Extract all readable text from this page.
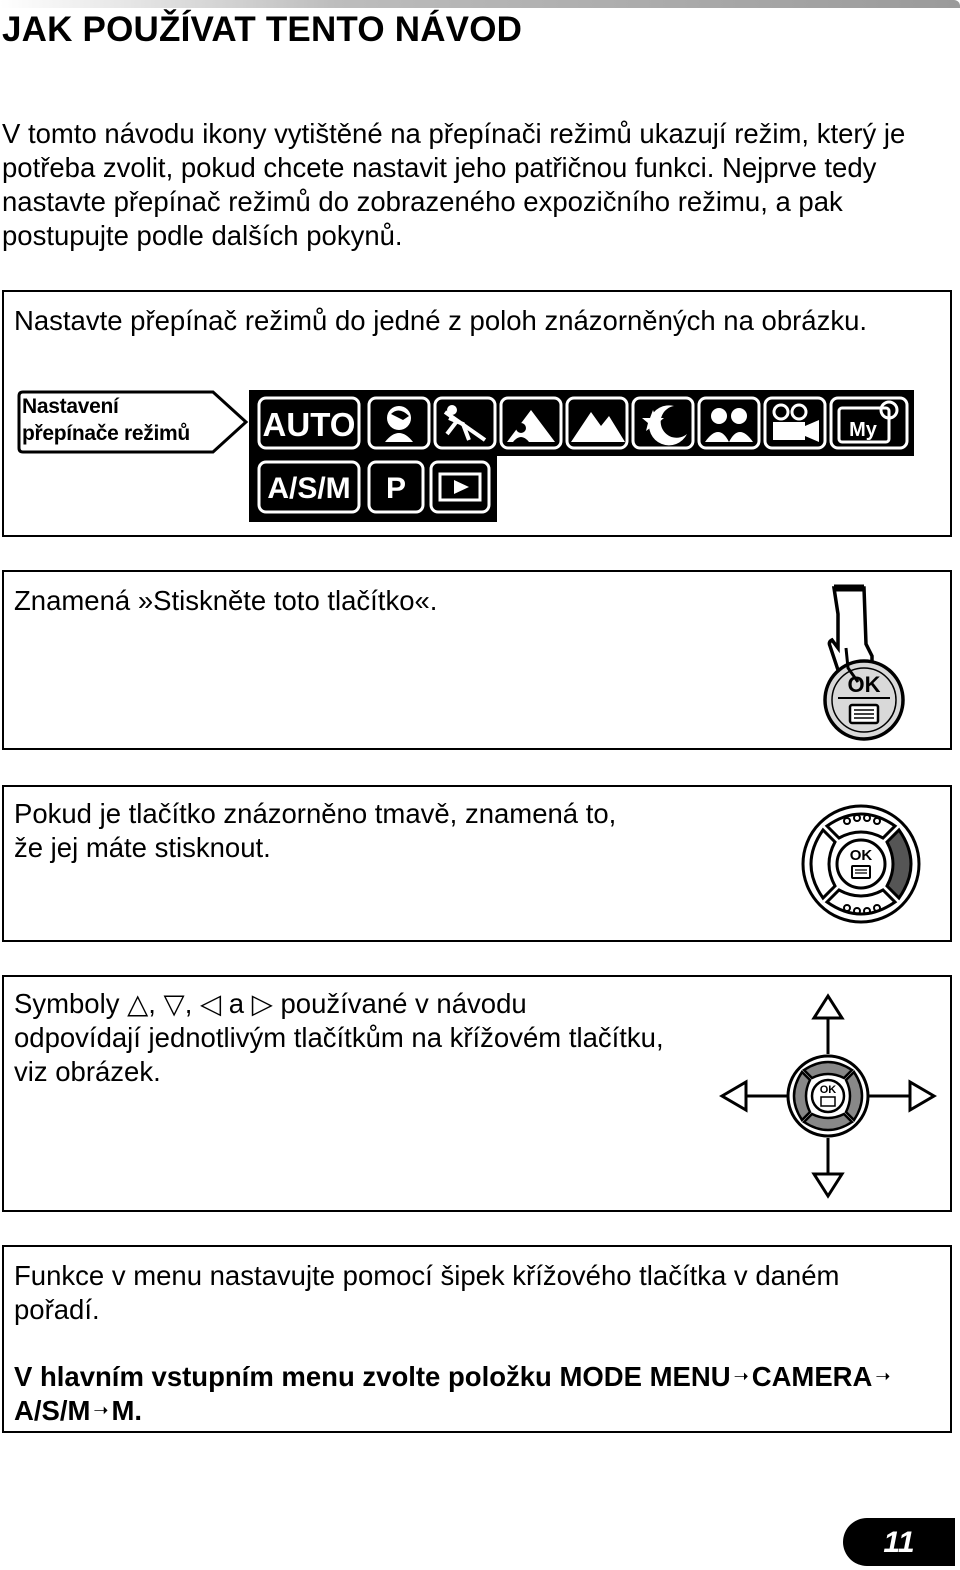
JAK POUŽÍVAT TENTO NÁVOD

V tomto návodu ikony vytištěné na přepínači režimů ukazují režim, který je potřeba zvolit, pokud chcete nastavit jeho patřičnou funkci. Nejprve tedy nastavte přepínač režimů do zobrazeného expozičního režimu, a pak postupujte podle dalších pokynů.

Nastavte přepínač režimů do jedné z poloh znázorněných na obrázku.

Nastavení
přepínače režimů AUTO	My
A/S/M P

Znamená »Stiskněte toto tlačítko«.

OK

Pokud je tlačítko znázorněno tmavě, znamená to,

že jej máte stisknout.	OK

Symboly △, ▽, ◁ a ▷ používané v návodu

odpovídají jednotlivým tlačítkům na křížovém tlačítku,

viz obrázek.

OK

Funkce v menu nastavujte pomocí šipek křížového tlačítka v daném

pořadí.

V hlavním vstupním menu zvolte položku MODE MENU ➝ CAMERA ➝

A/S/M ➝ M.

11
